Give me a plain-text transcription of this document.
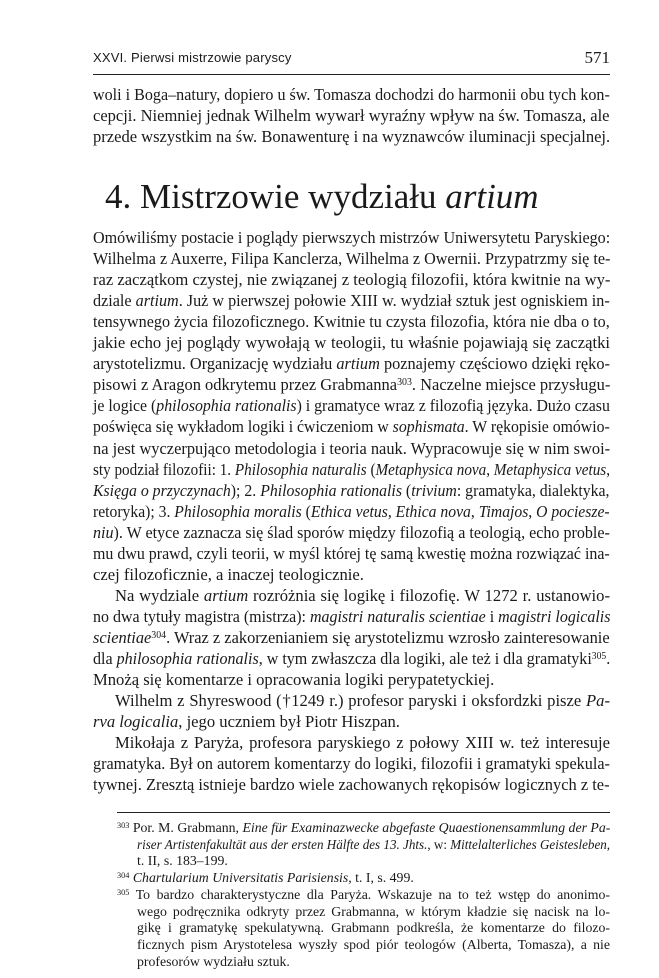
XXVI. Pierwsi mistrzowie paryscy	571
4. Mistrzowie wydziału artium
woli i Boga–natury, dopiero u św. Tomasza dochodzi do harmonii obu tych kon-
cepcji. Niemniej jednak Wilhelm wywarł wyraźny wpływ na św. Tomasza, ale
przede wszystkim na św. Bonawenturę i na wyznawców iluminacji specjalnej.
Omówiliśmy postacie i poglądy pierwszych mistrzów Uniwersytetu Paryskiego:
Wilhelma z Auxerre, Filipa Kanclerza, Wilhelma z Owernii. Przypatrzmy się te-
raz zaczątkom czystej, nie związanej z teologią filozofii, która kwitnie na wy-
dziale artium. Już w pierwszej połowie XIII w. wydział sztuk jest ogniskiem in-
tensywnego życia filozoficznego. Kwitnie tu czysta filozofia, która nie dba o to,
jakie echo jej poglądy wywołają w teologii, tu właśnie pojawiają się zaczątki
arystotelizmu. Organizację wydziału artium poznajemy częściowo dzięki ręko-
pisowi z Aragon odkrytemu przez Grabmanna$^{303}$. Naczelne miejsce przysługu-
je logice (philosophia rationalis) i gramatyce wraz z filozofią języka. Dużo czasu
poświęca się wykładom logiki i ćwiczeniom w sophismata. W rękopisie omówio-
na jest wyczerpująco metodologia i teoria nauk. Wypracowuje się w nim swoi-
sty podział filozofii: 1. Philosophia naturalis (Metaphysica nova, Metaphysica vetus,
Księga o przyczynach); 2. Philosophia rationalis (trivium: gramatyka, dialektyka,
retoryka); 3. Philosophia moralis (Ethica vetus, Ethica nova, Timajos, O pociesze-
niu). W etyce zaznacza się ślad sporów między filozofią a teologią, echo proble-
mu dwu prawd, czyli teorii, w myśl której tę samą kwestię można rozwiązać ina-
czej filozoficznie, a inaczej teologicznie.
Na wydziale artium rozróżnia się logikę i filozofię. W 1272 r. ustanowio-
no dwa tytuły magistra (mistrza): magistri naturalis scientiae i magistri logicalis
scientiae$^{304}$. Wraz z zakorzenianiem się arystotelizmu wzrosło zainteresowanie
dla philosophia rationalis, w tym zwłaszcza dla logiki, ale też i dla gramatyki$^{305}$.
Mnożą się komentarze i opracowania logiki perypatetyckiej.
Wilhelm z Shyreswood (†1249 r.) profesor paryski i oksfordzki pisze Pa-
rva logicalia, jego uczniem był Piotr Hiszpan.
Mikołaja z Paryża, profesora paryskiego z połowy XIII w. też interesuje
gramatyka. Był on autorem komentarzy do logiki, filozofii i gramatyki spekula-
tywnej. Zresztą istnieje bardzo wiele zachowanych rękopisów logicznych z te-
$^{303}$ Por. M. Grabmann, Eine für Examinazwecke abgefaste Quaestionensammlung der Pa-
riser Artistenfakultät aus der ersten Hälfte des 13. Jhts., w: Mittelalterliches Geistesleben,
t. II, s. 183–199.
$^{304}$ Chartularium Universitatis Parisiensis, t. I, s. 499.
$^{305}$ To bardzo charakterystyczne dla Paryża. Wskazuje na to też wstęp do anonimo-
wego podręcznika odkryty przez Grabmanna, w którym kładzie się nacisk na lo-
gikę i gramatykę spekulatywną. Grabmann podkreśla, że komentarze do filozo-
ficznych pism Arystotelesa wyszły spod piór teologów (Alberta, Tomasza), a nie
profesorów wydziału sztuk.
